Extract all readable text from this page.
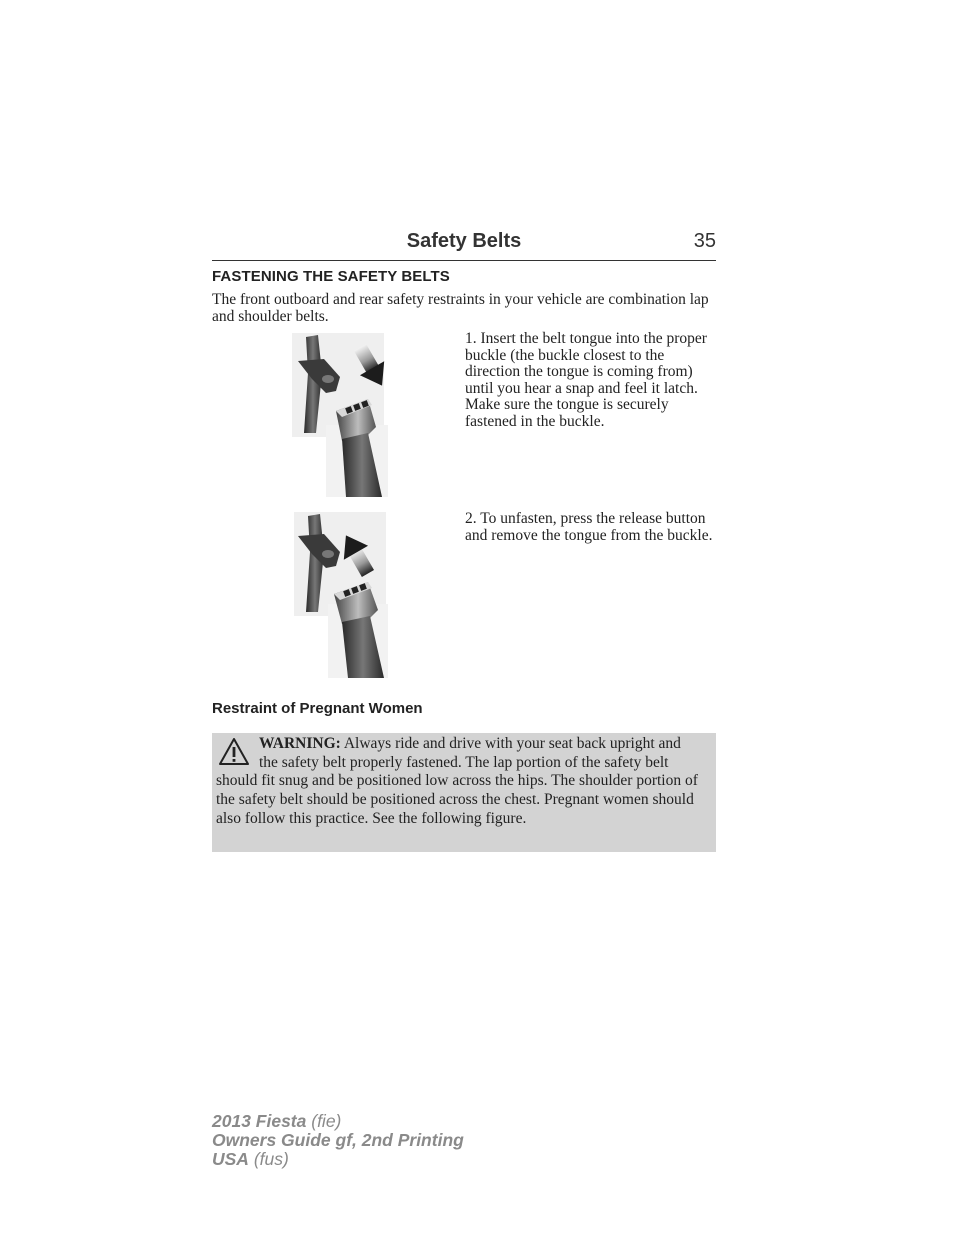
Safety Belts	35
FASTENING THE SAFETY BELTS
The front outboard and rear safety restraints in your vehicle are combination lap and shoulder belts.
1. Insert the belt tongue into the proper buckle (the buckle closest to the direction the tongue is coming from) until you hear a snap and feel it latch. Make sure the tongue is securely fastened in the buckle.
2. To unfasten, press the release button and remove the tongue from the buckle.
Restraint of Pregnant Women
WARNING: Always ride and drive with your seat back upright and the safety belt properly fastened. The lap portion of the safety belt should fit snug and be positioned low across the hips. The shoulder portion of the safety belt should be positioned across the chest. Pregnant women should also follow this practice. See the following figure.
2013 Fiesta (fie)
Owners Guide gf, 2nd Printing
USA (fus)
